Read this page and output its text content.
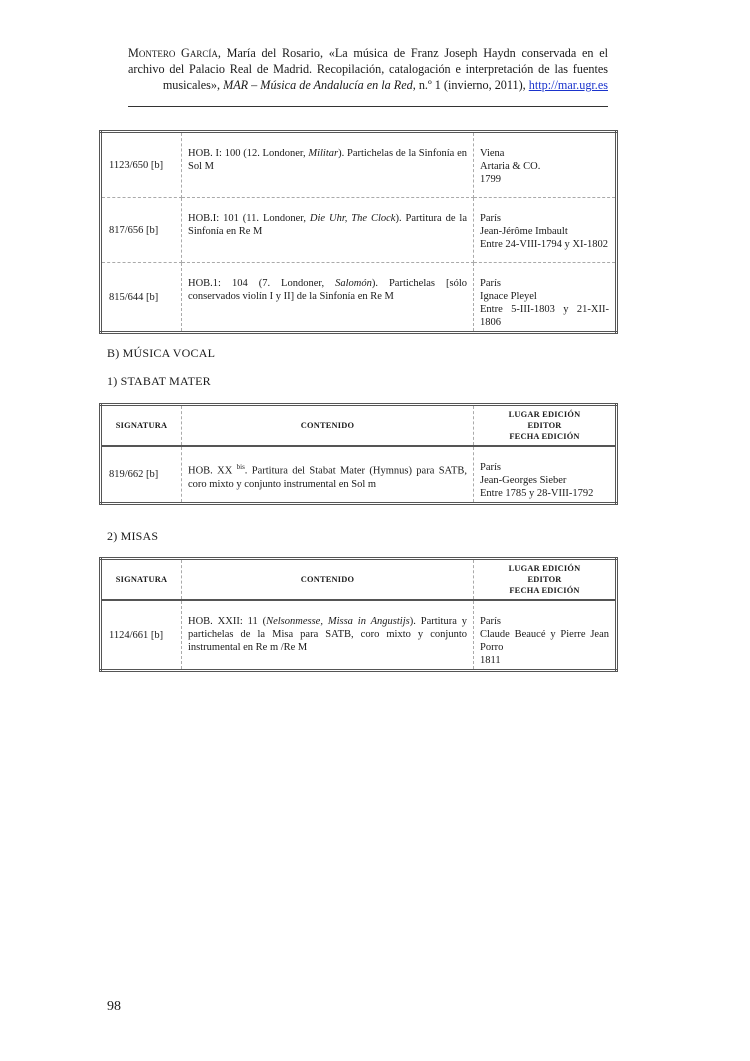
Montero García, María del Rosario, «La música de Franz Joseph Haydn conservada en el archivo del Palacio Real de Madrid. Recopilación, catalogación e interpretación de las fuentes musicales», MAR – Música de Andalucía en la Red, n.º 1 (invierno, 2011), http://mar.ugr.es
1123/650 [b]	HOB. I: 100 (12. Londoner, Militar). Partichelas de la Sinfonía en Sol M	Viena
Artaria & CO.
1799

817/656 [b]	HOB.I: 101 (11. Londoner, Die Uhr, The Clock). Partitura de la Sinfonía en Re M	París
Jean-Jérôme Imbault
Entre 24-VIII-1794 y XI-1802

815/644 [b]	HOB.1: 104 (7. Londoner, Salomón). Partichelas [sólo conservados violín I y II] de la Sinfonía en Re M	París
Ignace Pleyel
Entre 5-III-1803 y 21-XII-1806
B) MÚSICA VOCAL
1) STABAT MATER
SIGNATURA	CONTENIDO	LUGAR EDICIÓN
EDITOR
FECHA EDICIÓN

819/662 [b]	HOB. XX $^{bis}$. Partitura del Stabat Mater (Hymnus) para SATB, coro mixto y conjunto instrumental en Sol m	París
Jean-Georges Sieber
Entre 1785 y 28-VIII-1792
2) MISAS
SIGNATURA	CONTENIDO	LUGAR EDICIÓN
EDITOR
FECHA EDICIÓN

1124/661 [b]	HOB. XXII: 11 (Nelsonmesse, Missa in Angustijs). Partitura y partichelas de la Misa para SATB, coro mixto y conjunto instrumental en Re m /Re M	París
Claude Beaucé y Pierre Jean Porro
1811
98
